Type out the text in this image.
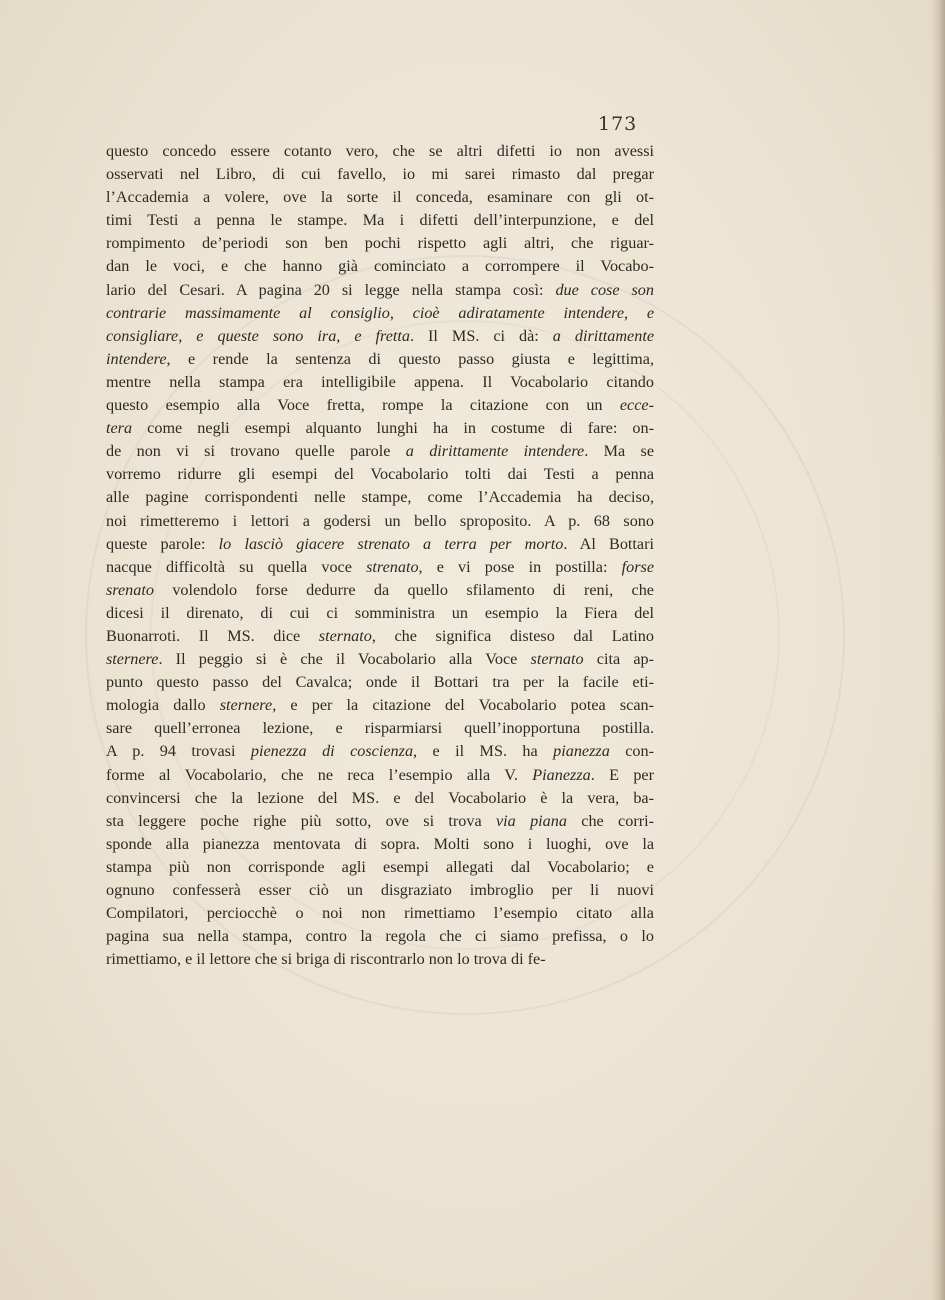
173
questo concedo essere cotanto vero, che se altri difetti io non avessi
osservati nel Libro, di cui favello, io mi sarei rimasto dal pregar
l’Accademia a volere, ove la sorte il conceda, esaminare con gli ot-
timi Testi a penna le stampe. Ma i difetti dell’interpunzione, e del
rompimento de’periodi son ben pochi rispetto agli altri, che riguar-
dan le voci, e che hanno già cominciato a corrompere il Vocabo-
lario del Cesari. A pagina 20 si legge nella stampa così: due cose son
contrarie massimamente al consiglio, cioè adiratamente intendere, e
consigliare, e queste sono ira, e fretta. Il MS. ci dà: a dirittamente
intendere, e rende la sentenza di questo passo giusta e legittima,
mentre nella stampa era intelligibile appena. Il Vocabolario citando
questo esempio alla Voce fretta, rompe la citazione con un ecce-
tera come negli esempi alquanto lunghi ha in costume di fare: on-
de non vi si trovano quelle parole a dirittamente intendere. Ma se
vorremo ridurre gli esempi del Vocabolario tolti dai Testi a penna
alle pagine corrispondenti nelle stampe, come l’Accademia ha deciso,
noi rimetteremo i lettori a godersi un bello sproposito. A p. 68 sono
queste parole: lo lasciò giacere strenato a terra per morto. Al Bottari
nacque difficoltà su quella voce strenato, e vi pose in postilla: forse
srenato volendolo forse dedurre da quello sfilamento di reni, che
dicesi il direnato, di cui ci somministra un esempio la Fiera del
Buonarroti. Il MS. dice sternato, che significa disteso dal Latino
sternere. Il peggio si è che il Vocabolario alla Voce sternato cita ap-
punto questo passo del Cavalca; onde il Bottari tra per la facile eti-
mologia dallo sternere, e per la citazione del Vocabolario potea scan-
sare quell’erronea lezione, e risparmiarsi quell’inopportuna postilla.
A p. 94 trovasi pienezza di coscienza, e il MS. ha pianezza con-
forme al Vocabolario, che ne reca l’esempio alla V. Pianezza. E per
convincersi che la lezione del MS. e del Vocabolario è la vera, ba-
sta leggere poche righe più sotto, ove si trova via piana che corri-
sponde alla pianezza mentovata di sopra. Molti sono i luoghi, ove la
stampa più non corrisponde agli esempi allegati dal Vocabolario; e
ognuno confesserà esser ciò un disgraziato imbroglio per li nuovi
Compilatori, perciocchè o noi non rimettiamo l’esempio citato alla
pagina sua nella stampa, contro la regola che ci siamo prefissa, o lo
rimettiamo, e il lettore che si briga di riscontrarlo non lo trova di fe-
